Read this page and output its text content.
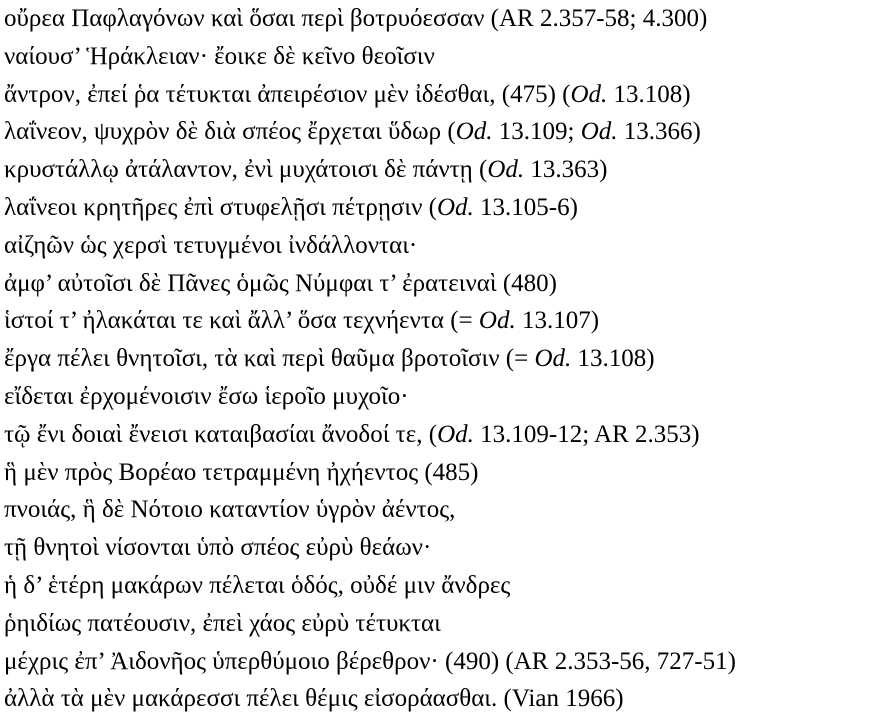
οὔρεα Παφλαγόνων καὶ ὅσαι περὶ βοτρυόεσσαν (AR 2.357-58; 4.300)
ναίουσ’ Ἡράκλειαν· ἔοικε δὲ κεῖνο θεοῖσιν
ἄντρον, ἐπεί ῥα τέτυκται ἀπειρέσιον μὲν ἰδέσθαι, (475) (Od. 13.108)
λαΐνεον, ψυχρὸν δὲ διὰ σπέος ἔρχεται ὕδωρ (Od. 13.109; Od. 13.366)
κρυστάλλῳ ἀτάλαντον, ἐνὶ μυχάτοισι δὲ πάντῃ (Od. 13.363)
λαΐνεοι κρητῆρες ἐπὶ στυφελῇσι πέτρῃσιν (Od. 13.105-6)
αἰζηῶν ὡς χερσὶ τετυγμένοι ἰνδάλλονται·
ἀμφ’ αὐτοῖσι δὲ Πᾶνες ὁμῶς Νύμφαι τ’ ἐρατειναὶ (480)
ἱστοί τ’ ἠλακάται τε καὶ ἄλλ’ ὅσα τεχνήεντα (= Od. 13.107)
ἔργα πέλει θνητοῖσι, τὰ καὶ περὶ θαῦμα βροτοῖσιν (= Od. 13.108)
εἴδεται ἐρχομένοισιν ἔσω ἱεροῖο μυχοῖο·
τῷ ἔνι δοιαὶ ἔνεισι καταιβασίαι ἄνοδοί τε, (Od. 13.109-12; AR 2.353)
ἣ μὲν πρὸς Βορέαο τετραμμένη ἠχήεντος (485)
πνοιάς, ἣ δὲ Νότοιο καταντίον ὑγρὸν ἀέντος,
τῇ θνητοὶ νίσονται ὑπὸ σπέος εὐρὺ θεάων·
ἡ δ’ ἑτέρη μακάρων πέλεται ὁδός, οὐδέ μιν ἄνδρες
ῥηιδίως πατέουσιν, ἐπεὶ χάος εὐρὺ τέτυκται
μέχρις ἐπ’ Ἀιδονῆος ὑπερθύμοιο βέρεθρον· (490) (AR 2.353-56, 727-51)
ἀλλὰ τὰ μὲν μακάρεσσι πέλει θέμις εἰσοράασθαι. (Vian 1966)
